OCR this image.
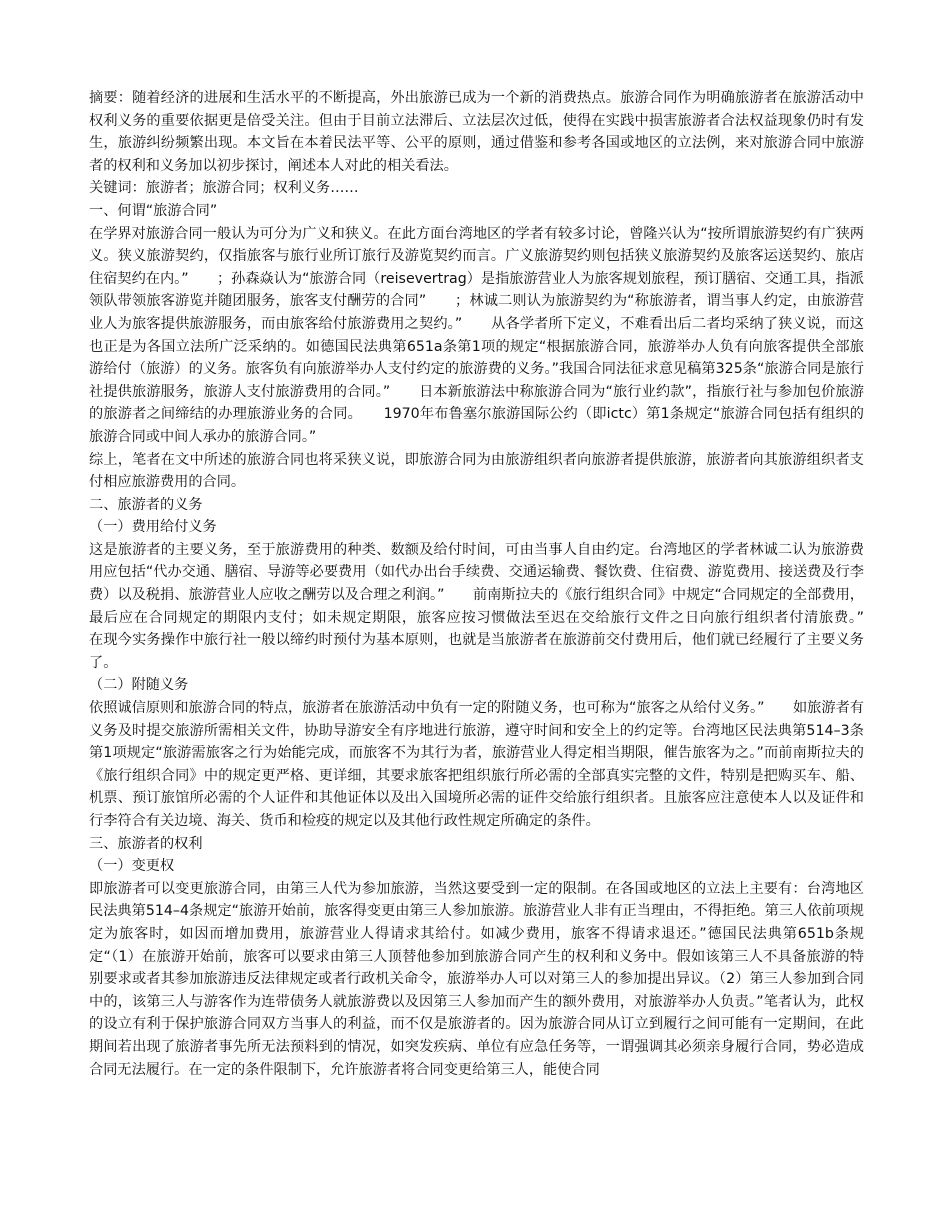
摘要：随着经济的进展和生活水平的不断提高，外出旅游已成为一个新的消费热点。旅游合同作为明确旅游者在旅游活动中权利义务的重要依据更是倍受关注。但由于目前立法滞后、立法层次过低，使得在实践中损害旅游者合法权益现象仍时有发生，旅游纠纷频繁出现。本文旨在本着民法平等、公平的原则，通过借鉴和参考各国或地区的立法例，来对旅游合同中旅游者的权利和义务加以初步探讨，阐述本人对此的相关看法。

关键词：旅游者；旅游合同；权利义务……

一、何谓“旅游合同”

在学界对旅游合同一般认为可分为广义和狭义。在此方面台湾地区的学者有较多讨论，曾隆兴认为“按所谓旅游契约有广狭两义。狭义旅游契约，仅指旅客与旅行业所订旅行及游览契约而言。广义旅游契约则包括狭义旅游契约及旅客运送契约、旅店住宿契约在内。”　　；孙森焱认为“旅游合同（reisevertrag）是指旅游营业人为旅客规划旅程，预订膳宿、交通工具，指派领队带领旅客游览并随团服务，旅客支付酬劳的合同”　　；林诚二则认为旅游契约为“称旅游者，谓当事人约定，由旅游营业人为旅客提供旅游服务，而由旅客给付旅游费用之契约。”　　从各学者所下定义，不难看出后二者均采纳了狭义说，而这也正是为各国立法所广泛采纳的。如德国民法典第651a条第1项的规定“根据旅游合同，旅游举办人负有向旅客提供全部旅游给付（旅游）的义务。旅客负有向旅游举办人支付约定的旅游费的义务。”我国合同法征求意见稿第325条“旅游合同是旅行社提供旅游服务，旅游人支付旅游费用的合同。”　　日本新旅游法中称旅游合同为“旅行业约款”，指旅行社与参加包价旅游的旅游者之间缔结的办理旅游业务的合同。　　1970年布鲁塞尔旅游国际公约（即ictc）第1条规定“旅游合同包括有组织的旅游合同或中间人承办的旅游合同。”

综上，笔者在文中所述的旅游合同也将采狭义说，即旅游合同为由旅游组织者向旅游者提供旅游，旅游者向其旅游组织者支付相应旅游费用的合同。

二、旅游者的义务

（一）费用给付义务

这是旅游者的主要义务，至于旅游费用的种类、数额及给付时间，可由当事人自由约定。台湾地区的学者林诚二认为旅游费用应包括“代办交通、膳宿、导游等必要费用（如代办出台手续费、交通运输费、餐饮费、住宿费、游览费用、接送费及行李费）以及税捐、旅游营业人应收之酬劳以及合理之利润。”　　前南斯拉夫的《旅行组织合同》中规定“合同规定的全部费用，最后应在合同规定的期限内支付；如未规定期限，旅客应按习惯做法至迟在交给旅行文件之日向旅行组织者付清旅费。”　　在现今实务操作中旅行社一般以缔约时预付为基本原则，也就是当旅游者在旅游前交付费用后，他们就已经履行了主要义务了。

（二）附随义务

依照诚信原则和旅游合同的特点，旅游者在旅游活动中负有一定的附随义务，也可称为“旅客之从给付义务。”　　如旅游者有义务及时提交旅游所需相关文件，协助导游安全有序地进行旅游，遵守时间和安全上的约定等。台湾地区民法典第514–3条第1项规定“旅游需旅客之行为始能完成，而旅客不为其行为者，旅游营业人得定相当期限，催告旅客为之。”而前南斯拉夫的《旅行组织合同》中的规定更严格、更详细，其要求旅客把组织旅行所必需的全部真实完整的文件，特别是把购买车、船、机票、预订旅馆所必需的个人证件和其他证体以及出入国境所必需的证件交给旅行组织者。且旅客应注意使本人以及证件和行李符合有关边境、海关、货币和检疫的规定以及其他行政性规定所确定的条件。

三、旅游者的权利

（一）变更权

即旅游者可以变更旅游合同，由第三人代为参加旅游，当然这要受到一定的限制。在各国或地区的立法上主要有：台湾地区民法典第514–4条规定“旅游开始前，旅客得变更由第三人参加旅游。旅游营业人非有正当理由，不得拒绝。第三人依前项规定为旅客时，如因而增加费用，旅游营业人得请求其给付。如减少费用，旅客不得请求退还。”德国民法典第651b条规定“（1）在旅游开始前，旅客可以要求由第三人顶替他参加到旅游合同产生的权利和义务中。假如该第三人不具备旅游的特别要求或者其参加旅游违反法律规定或者行政机关命令，旅游举办人可以对第三人的参加提出异议。（2）第三人参加到合同中的，该第三人与游客作为连带债务人就旅游费以及因第三人参加而产生的额外费用，对旅游举办人负责。”笔者认为，此权的设立有利于保护旅游合同双方当事人的利益，而不仅是旅游者的。因为旅游合同从订立到履行之间可能有一定期间，在此期间若出现了旅游者事先所无法预料到的情况，如突发疾病、单位有应急任务等，一谓强调其必须亲身履行合同，势必造成合同无法履行。在一定的条件限制下，允许旅游者将合同变更给第三人，能使合同
